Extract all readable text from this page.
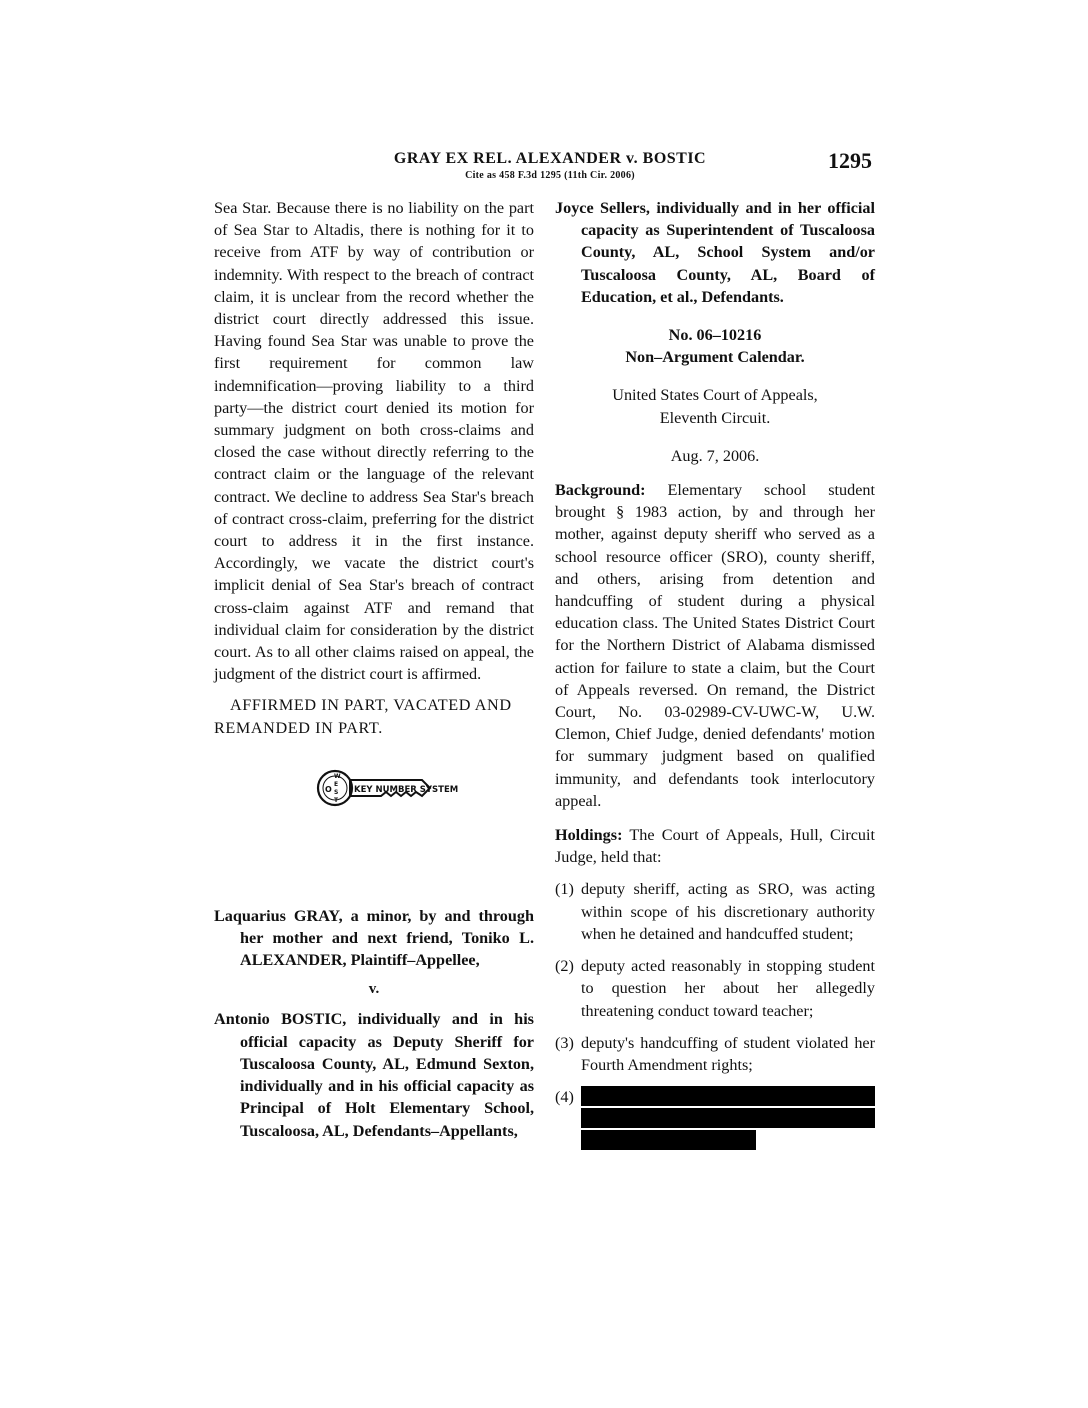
GRAY EX REL. ALEXANDER v. BOSTIC
Cite as 458 F.3d 1295 (11th Cir. 2006)
1295

Sea Star. Because there is no liability on the part of Sea Star to Altadis, there is nothing for it to receive from ATF by way of contribution or indemnity. With respect to the breach of contract claim, it is unclear from the record whether the district court directly addressed this issue. Having found Sea Star was unable to prove the first requirement for common law indemnification—proving liability to a third party—the district court denied its motion for summary judgment on both cross-claims and closed the case without directly referring to the contract claim or the language of the relevant contract. We decline to address Sea Star's breach of contract cross-claim, preferring for the district court to address it in the first instance. Accordingly, we vacate the district court's implicit denial of Sea Star's breach of contract cross-claim against ATF and remand that individual claim for consideration by the district court. As to all other claims raised on appeal, the judgment of the district court is affirmed.

AFFIRMED IN PART, VACATED AND REMANDED IN PART.
O
W
E
S
T
KEY NUMBER SYSTEM
Laquarius GRAY, a minor, by and through her mother and next friend, Toniko L. ALEXANDER, Plaintiff–Appellee,
v.
Antonio BOSTIC, individually and in his official capacity as Deputy Sheriff for Tuscaloosa County, AL, Edmund Sexton, individually and in his official capacity as Principal of Holt Elementary School, Tuscaloosa, AL, Defendants–Appellants,
Joyce Sellers, individually and in her official capacity as Superintendent of Tuscaloosa County, AL, School System and/or Tuscaloosa County, AL, Board of Education, et al., Defendants.
No. 06–10216
Non–Argument Calendar.
United States Court of Appeals,
Eleventh Circuit.
Aug. 7, 2006.

Background: Elementary school student brought § 1983 action, by and through her mother, against deputy sheriff who served as a school resource officer (SRO), county sheriff, and others, arising from detention and handcuffing of student during a physical education class. The United States District Court for the Northern District of Alabama dismissed action for failure to state a claim, but the Court of Appeals reversed. On remand, the District Court, No. 03-02989-CV-UWC-W, U.W. Clemon, Chief Judge, denied defendants' motion for summary judgment based on qualified immunity, and defendants took interlocutory appeal.

Holdings: The Court of Appeals, Hull, Circuit Judge, held that:

(1) deputy sheriff, acting as SRO, was acting within scope of his discretionary authority when he detained and handcuffed student;
(2) deputy acted reasonably in stopping student to question her about her allegedly threatening conduct toward teacher;
(3) deputy's handcuffing of student violated her Fourth Amendment rights;
(4)
